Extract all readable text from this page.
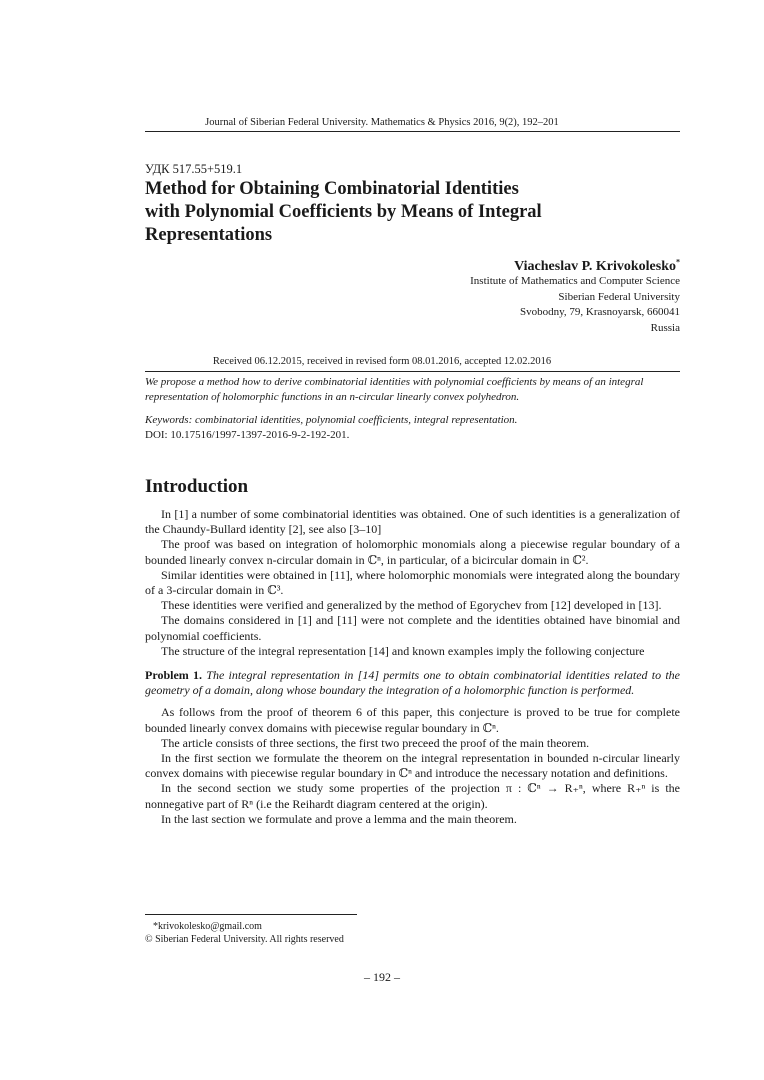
Journal of Siberian Federal University. Mathematics & Physics 2016, 9(2), 192–201
УДК 517.55+519.1
Method for Obtaining Combinatorial Identities
with Polynomial Coefficients by Means of Integral
Representations
Viacheslav P. Krivokolesko*
Institute of Mathematics and Computer Science
Siberian Federal University
Svobodny, 79, Krasnoyarsk, 660041
Russia
Received 06.12.2015, received in revised form 08.01.2016, accepted 12.02.2016
We propose a method how to derive combinatorial identities with polynomial coefficients by means of an integral representation of holomorphic functions in an n-circular linearly convex polyhedron.
Keywords: combinatorial identities, polynomial coefficients, integral representation.
DOI: 10.17516/1997-1397-2016-9-2-192-201.
Introduction

In [1] a number of some combinatorial identities was obtained. One of such identities is a generalization of the Chaundy-Bullard identity [2], see also [3–10]

The proof was based on integration of holomorphic monomials along a piecewise regular boundary of a bounded linearly convex n-circular domain in ℂⁿ, in particular, of a bicircular domain in ℂ².

Similar identities were obtained in [11], where holomorphic monomials were integrated along the boundary of a 3-circular domain in ℂ³.

These identities were verified and generalized by the method of Egorychev from [12] developed in [13].

The domains considered in [1] and [11] were not complete and the identities obtained have binomial and polynomial coefficients.

The structure of the integral representation [14] and known examples imply the following conjecture

Problem 1. The integral representation in [14] permits one to obtain combinatorial identities related to the geometry of a domain, along whose boundary the integration of a holomorphic function is performed.

As follows from the proof of theorem 6 of this paper, this conjecture is proved to be true for complete bounded linearly convex domains with piecewise regular boundary in ℂⁿ.

The article consists of three sections, the first two preceed the proof of the main theorem.

In the first section we formulate the theorem on the integral representation in bounded n-circular linearly convex domains with piecewise regular boundary in ℂⁿ and introduce the necessary notation and definitions.

In the second section we study some properties of the projection π : ℂⁿ → R₊ⁿ, where R₊ⁿ is the nonnegative part of Rⁿ (i.e the Reihardt diagram centered at the origin).

In the last section we formulate and prove a lemma and the main theorem.

*krivokolesko@gmail.com
© Siberian Federal University. All rights reserved
– 192 –
